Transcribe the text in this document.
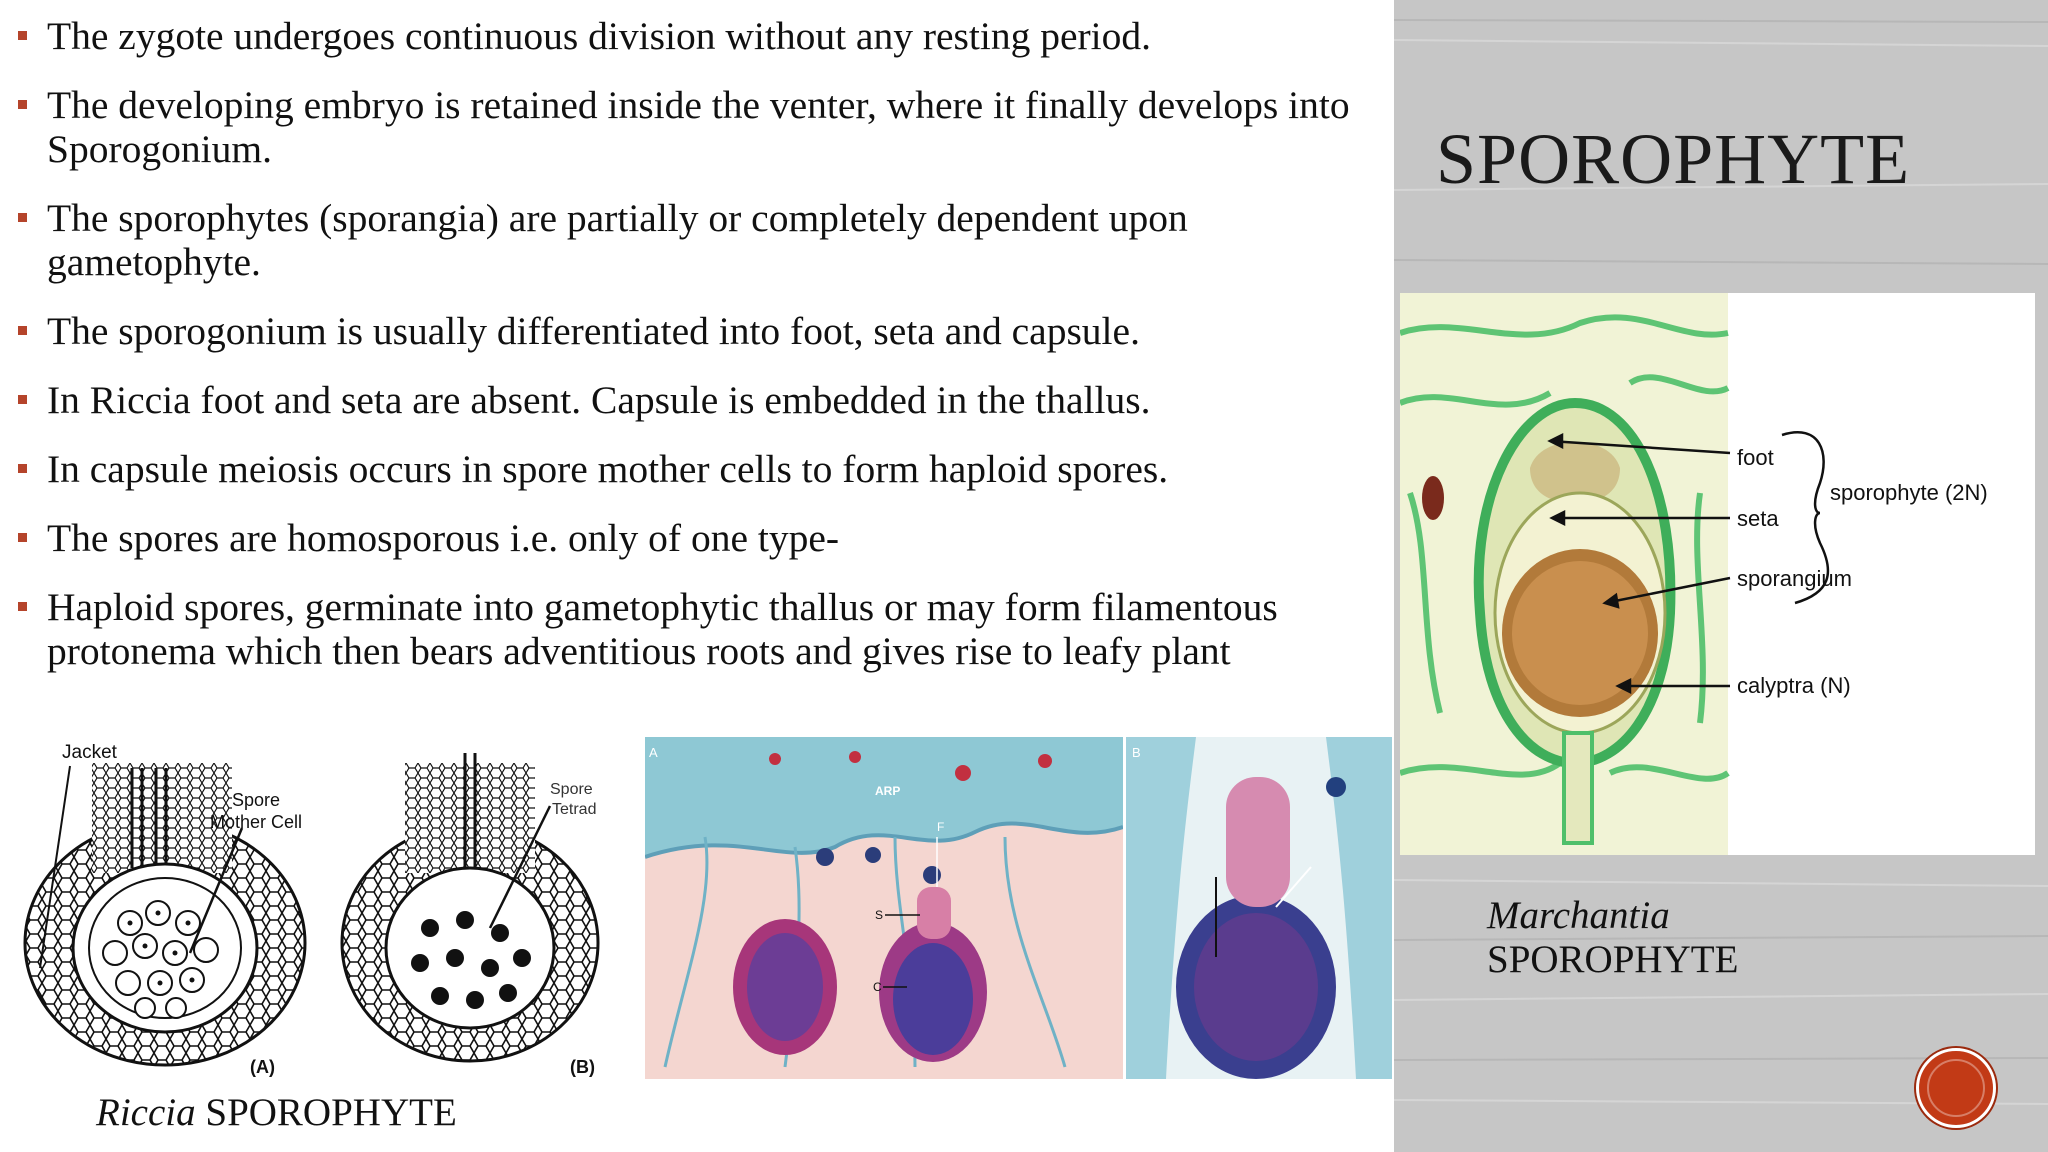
The zygote undergoes continuous division without any resting period.
The developing embryo is retained inside the venter, where it finally develops into Sporogonium.
The sporophytes (sporangia) are partially or completely dependent upon gametophyte.
The sporogonium is usually differentiated into foot, seta and capsule.
In Riccia foot and seta are absent. Capsule is embedded in the thallus.
In capsule meiosis occurs in spore mother cells to form haploid spores.
The spores are homosporous i.e. only of one type-
Haploid spores, germinate into gametophytic thallus or may form filamentous protonema which then bears adventitious roots and gives rise to leafy plant
Jacket
Spore
Mother Cell
(A)
Spore
Tetrad
(B)
Riccia SPOROPHYTE
A
ARP
F
S
C
B
SPOROPHYTE
foot
seta
sporangium
calyptra (N)
sporophyte (2N)
Marchantia
SPOROPHYTE
